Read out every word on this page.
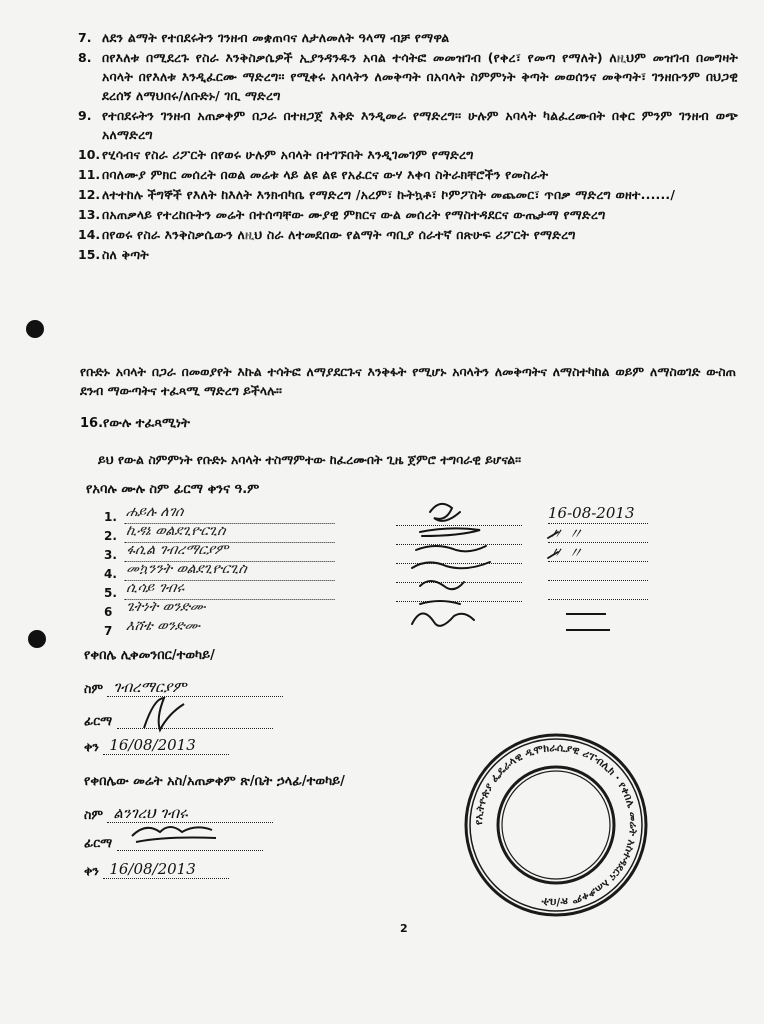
7. ለደን ልማት የተበደሩትን ገንዘብ መቋጠባና ለታለመለት ዓላማ ብቻ የማዋል
8. በየእለቱ በሚደረጉ የስራ እንቅስቃሴዎች ኢያንዳንዱን አባል ተሳትፎ መመዝገብ (የቀረ፣ የመጣ የማለት) ለዚህም መዝገብ በመግዛት አባላት በየእለቱ እንዲፈርሙ ማድረግ፡፡ የሚቀሩ አባላትን ለመቅጣት በአባላት ስምምነት ቅጣት መወሰንና መቅጣት፣ ገንዘቡንም በህጋዊ ደረሰኝ ለማህበሩ/ለቡድኑ/ ገቢ ማድረግ
9. የተበደሩትን ገንዘብ አጠቃቀም በጋራ በተዘጋጀ እቅድ እንዲመራ የማድረግ፡፡ ሁሉም አባላት ካልፈረሙበት በቀር ምንም ገንዘብ ወጭ አለማድረግ
10. የሂሳብና የስራ ሪፖርት በየወሩ ሁሉም አባላት በተገኙበት እንዲገመገም የማድረግ
11. በባለሙያ ምክር መሰረት በወል መሬቱ ላይ ልዩ ልዩ የአፈርና ውሃ እቀባ ስትራክቸሮችን የመስራት
12. ለተተከሉ ችግኞች የእለት ከእለት እንክብካቤ የማድረግ /አረም፣ ኩትኳቶ፣ ኮምፖስት መጨመር፣ ጥበቃ ማድረግ ወዘተ....../
13. በአጠቃላይ የተረከቡትን መሬት በተሰጣቸው ሙያዊ ምክርና ውል መሰረት የማስተዳደርና ውጤታማ የማድረግ
14. በየወሩ የስራ እንቅስቃሴውን ለዚህ ስራ ለተመደበው የልማት ጣቢያ ሰራተኛ በጽሁፍ ሪፖርት የማድረግ
15. ስለ ቅጣት
የቡድኑ አባላት በጋራ በመወያየት እኩል ተሳትፎ ለማያደርጉና እንቅፋት የሚሆኑ አባላትን ለመቅጣትና ለማስተካከል ወይም ለማስወገድ ውስጠ ደንብ ማውጣትና ተፈጻሚ ማድረግ ይችላሉ፡፡
16.የውሉ ተፈጻሚነት
ይህ የውል ስምምነት የቡድኑ አባላት ተስማምተው ከፈረሙበት ጊዜ ጀምሮ ተግባራዊ ይሆናል፡፡
የአባሉ ሙሉ ስም ፊርማ ቀንና ዓ.ም
1. ሐይሉ ለገሰ	16-08-2013
2. ኪዳኔ ወልደጊዮርጊስ	〃 〃
3. ፋሲል ገብረማርያም	〃 〃
4. መኳንንት ወልደጊዮርጊስ
5. ሲሳይ ገብሩ
6 ጌትነት ወንድሙ
7 እሸቴ ወንድሙ
የቀበሌ ሊቀመንበር/ተወካይ/
ስም ገብረማርያም
ፊርማ
ቀን 16/08/2013
የቀበሌው መሬት አስ/አጠቃቀም ጽ/ቤት ኃላፊ/ተወካይ/
ስም ልንገረህ ገብሩ
ፊርማ
ቀን 16/08/2013
የኢትዮጵያ ፌዴራላዊ ዲሞክራሲያዊ ሪፐብሊክ · የቀበሌ መሬት አስተዳደርና አጠቃቀም ጽ/ቤት
2
